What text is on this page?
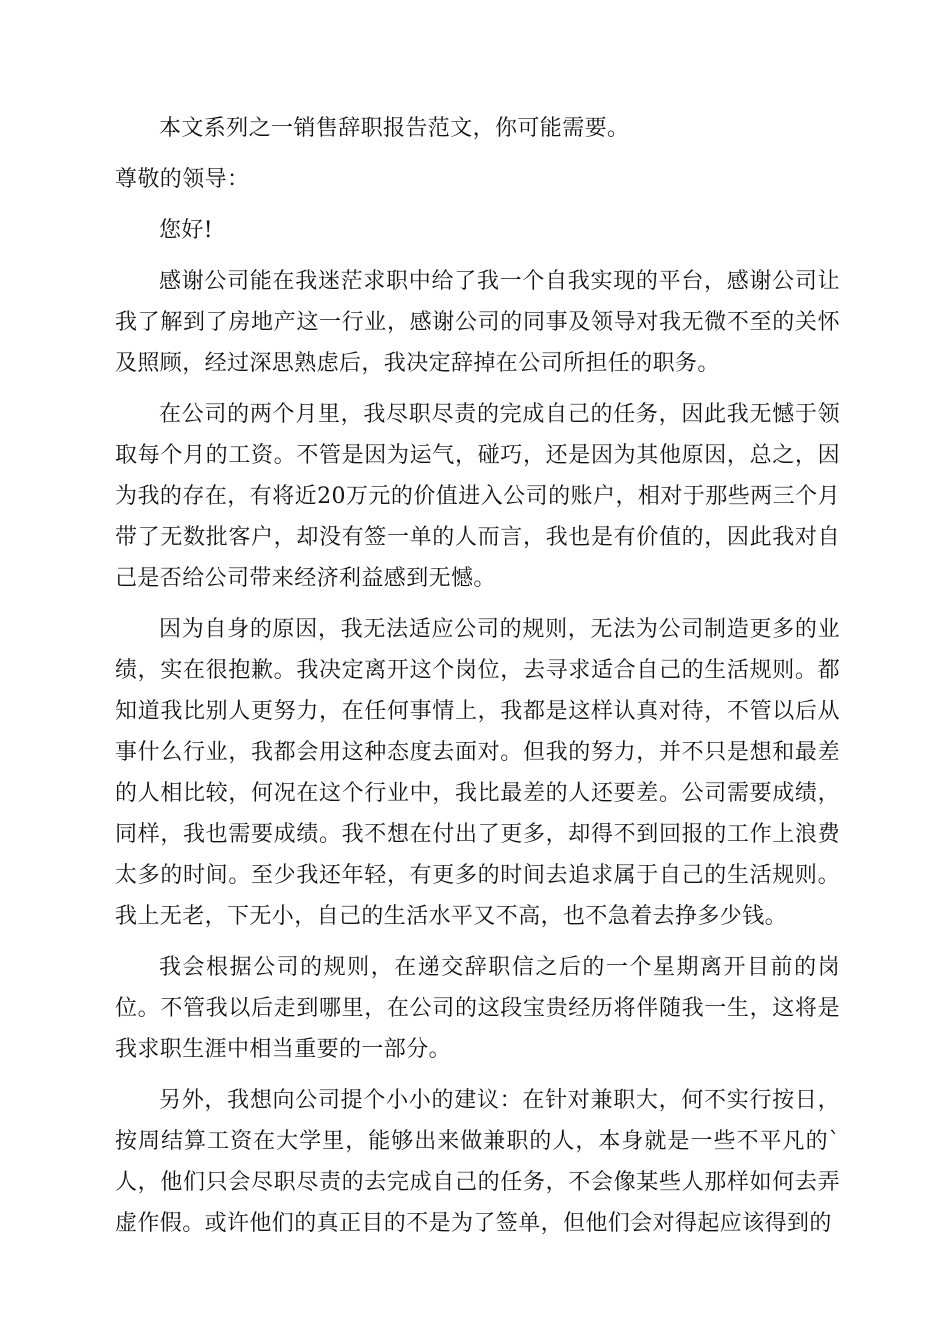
本文系列之一销售辞职报告范文，你可能需要。

尊敬的领导：

您好!

感谢公司能在我迷茫求职中给了我一个自我实现的平台，感谢公司让我了解到了房地产这一行业，感谢公司的同事及领导对我无微不至的关怀及照顾，经过深思熟虑后，我决定辞掉在公司所担任的职务。

在公司的两个月里，我尽职尽责的完成自己的任务，因此我无憾于领取每个月的工资。不管是因为运气，碰巧，还是因为其他原因，总之，因为我的存在，有将近20万元的价值进入公司的账户，相对于那些两三个月带了无数批客户，却没有签一单的人而言，我也是有价值的，因此我对自己是否给公司带来经济利益感到无憾。

因为自身的原因，我无法适应公司的规则，无法为公司制造更多的业绩，实在很抱歉。我决定离开这个岗位，去寻求适合自己的生活规则。都知道我比别人更努力，在任何事情上，我都是这样认真对待，不管以后从事什么行业，我都会用这种态度去面对。但我的努力，并不只是想和最差的人相比较，何况在这个行业中，我比最差的人还要差。公司需要成绩，同样，我也需要成绩。我不想在付出了更多，却得不到回报的工作上浪费太多的时间。至少我还年轻，有更多的时间去追求属于自己的生活规则。我上无老，下无小，自己的生活水平又不高，也不急着去挣多少钱。

我会根据公司的规则，在递交辞职信之后的一个星期离开目前的岗位。不管我以后走到哪里，在公司的这段宝贵经历将伴随我一生，这将是我求职生涯中相当重要的一部分。

另外，我想向公司提个小小的建议：在针对兼职大，何不实行按日，按周结算工资在大学里，能够出来做兼职的人，本身就是一些不平凡的`人，他们只会尽职尽责的去完成自己的任务，不会像某些人那样如何去弄虚作假。或许他们的真正目的不是为了签单，但他们会对得起应该得到的
